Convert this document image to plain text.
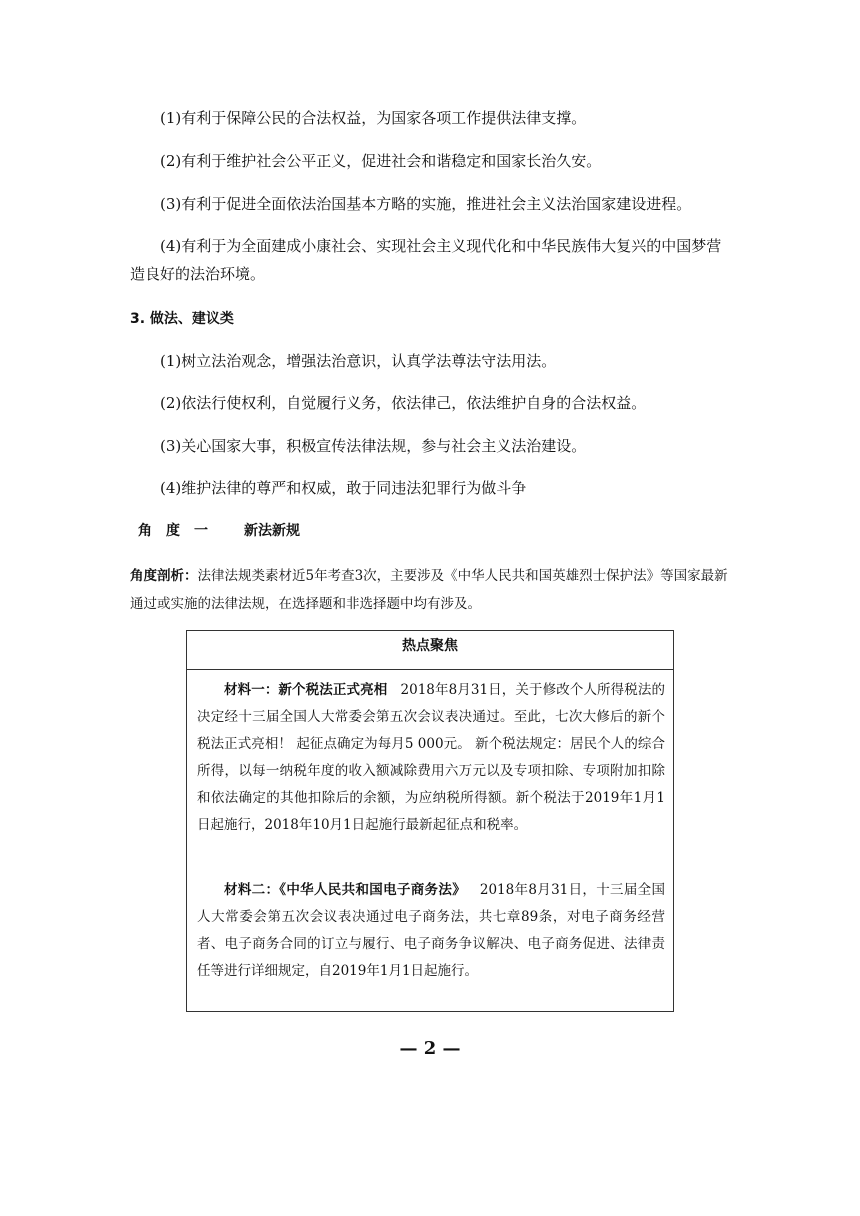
(1)有利于保障公民的合法权益，为国家各项工作提供法律支撑。
(2)有利于维护社会公平正义，促进社会和谐稳定和国家长治久安。
(3)有利于促进全面依法治国基本方略的实施，推进社会主义法治国家建设进程。
(4)有利于为全面建成小康社会、实现社会主义现代化和中华民族伟大复兴的中国梦营
造良好的法治环境。
3. 做法、建议类
(1)树立法治观念，增强法治意识，认真学法尊法守法用法。
(2)依法行使权利，自觉履行义务，依法律己，依法维护自身的合法权益。
(3)关心国家大事，积极宣传法律法规，参与社会主义法治建设。
(4)维护法律的尊严和权威，敢于同违法犯罪行为做斗争
角度一 新法新规
角度剖析：法律法规类素材近5年考查3次，主要涉及《中华人民共和国英雄烈士保护法》等国家最新通过或实施的法律法规，在选择题和非选择题中均有涉及。
热点聚焦
材料一：新个税法正式亮相 2018年8月31日，关于修改个人所得税法的决定经十三届全国人大常委会第五次会议表决通过。至此，七次大修后的新个税法正式亮相！ 起征点确定为每月5 000元。 新个税法规定：居民个人的综合所得，以每一纳税年度的收入额减除费用六万元以及专项扣除、专项附加扣除和依法确定的其他扣除后的余额，为应纳税所得额。新个税法于2019年1月1日起施行，2018年10月1日起施行最新起征点和税率。
材料二：《中华人民共和国电子商务法》 2018年8月31日，十三届全国人大常委会第五次会议表决通过电子商务法，共七章89条，对电子商务经营者、电子商务合同的订立与履行、电子商务争议解决、电子商务促进、法律责任等进行详细规定，自2019年1月1日起施行。
— 2 —
